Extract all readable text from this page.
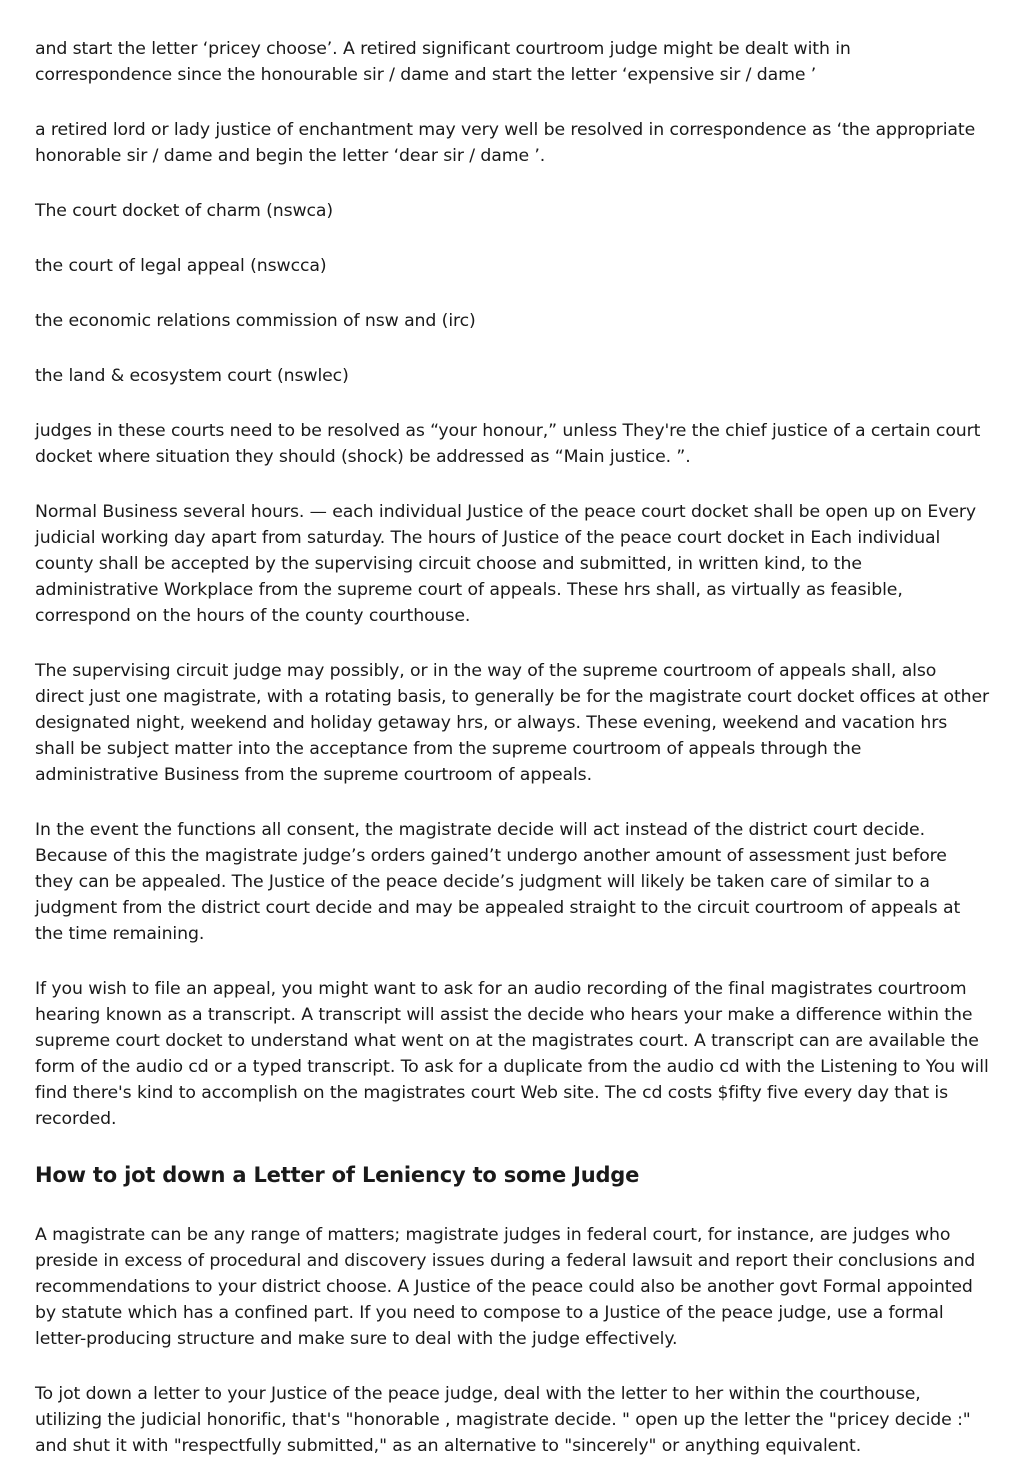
and start the letter ‘pricey choose’. A retired significant courtroom judge might be dealt with in correspondence since the honourable sir / dame and start the letter ‘expensive sir / dame ’

a retired lord or lady justice of enchantment may very well be resolved in correspondence as ‘the appropriate honorable sir / dame and begin the letter ‘dear sir / dame ’.

The court docket of charm (nswca)

the court of legal appeal (nswcca)

the economic relations commission of nsw and (irc)

the land & ecosystem court (nswlec)

judges in these courts need to be resolved as “your honour,” unless They're the chief justice of a certain court docket where situation they should (shock) be addressed as “Main justice. ”.

Normal Business several hours. — each individual Justice of the peace court docket shall be open up on Every judicial working day apart from saturday. The hours of Justice of the peace court docket in Each individual county shall be accepted by the supervising circuit choose and submitted, in written kind, to the administrative Workplace from the supreme court of appeals. These hrs shall, as virtually as feasible, correspond on the hours of the county courthouse.

The supervising circuit judge may possibly, or in the way of the supreme courtroom of appeals shall, also direct just one magistrate, with a rotating basis, to generally be for the magistrate court docket offices at other designated night, weekend and holiday getaway hrs, or always. These evening, weekend and vacation hrs shall be subject matter into the acceptance from the supreme courtroom of appeals through the administrative Business from the supreme courtroom of appeals.

In the event the functions all consent, the magistrate decide will act instead of the district court decide. Because of this the magistrate judge’s orders gained’t undergo another amount of assessment just before they can be appealed. The Justice of the peace decide’s judgment will likely be taken care of similar to a judgment from the district court decide and may be appealed straight to the circuit courtroom of appeals at the time remaining.

If you wish to file an appeal, you might want to ask for an audio recording of the final magistrates courtroom hearing known as a transcript. A transcript will assist the decide who hears your make a difference within the supreme court docket to understand what went on at the magistrates court. A transcript can are available the form of the audio cd or a typed transcript. To ask for a duplicate from the audio cd with the Listening to You will find there's kind to accomplish on the magistrates court Web site. The cd costs $fifty five every day that is recorded.

How to jot down a Letter of Leniency to some Judge

A magistrate can be any range of matters; magistrate judges in federal court, for instance, are judges who preside in excess of procedural and discovery issues during a federal lawsuit and report their conclusions and recommendations to your district choose. A Justice of the peace could also be another govt Formal appointed by statute which has a confined part. If you need to compose to a Justice of the peace judge, use a formal letter-producing structure and make sure to deal with the judge effectively.

To jot down a letter to your Justice of the peace judge, deal with the letter to her within the courthouse, utilizing the judicial honorific, that's "honorable , magistrate decide. " open up the letter the "pricey decide :" and shut it with "respectfully submitted," as an alternative to "sincerely" or anything equivalent.
